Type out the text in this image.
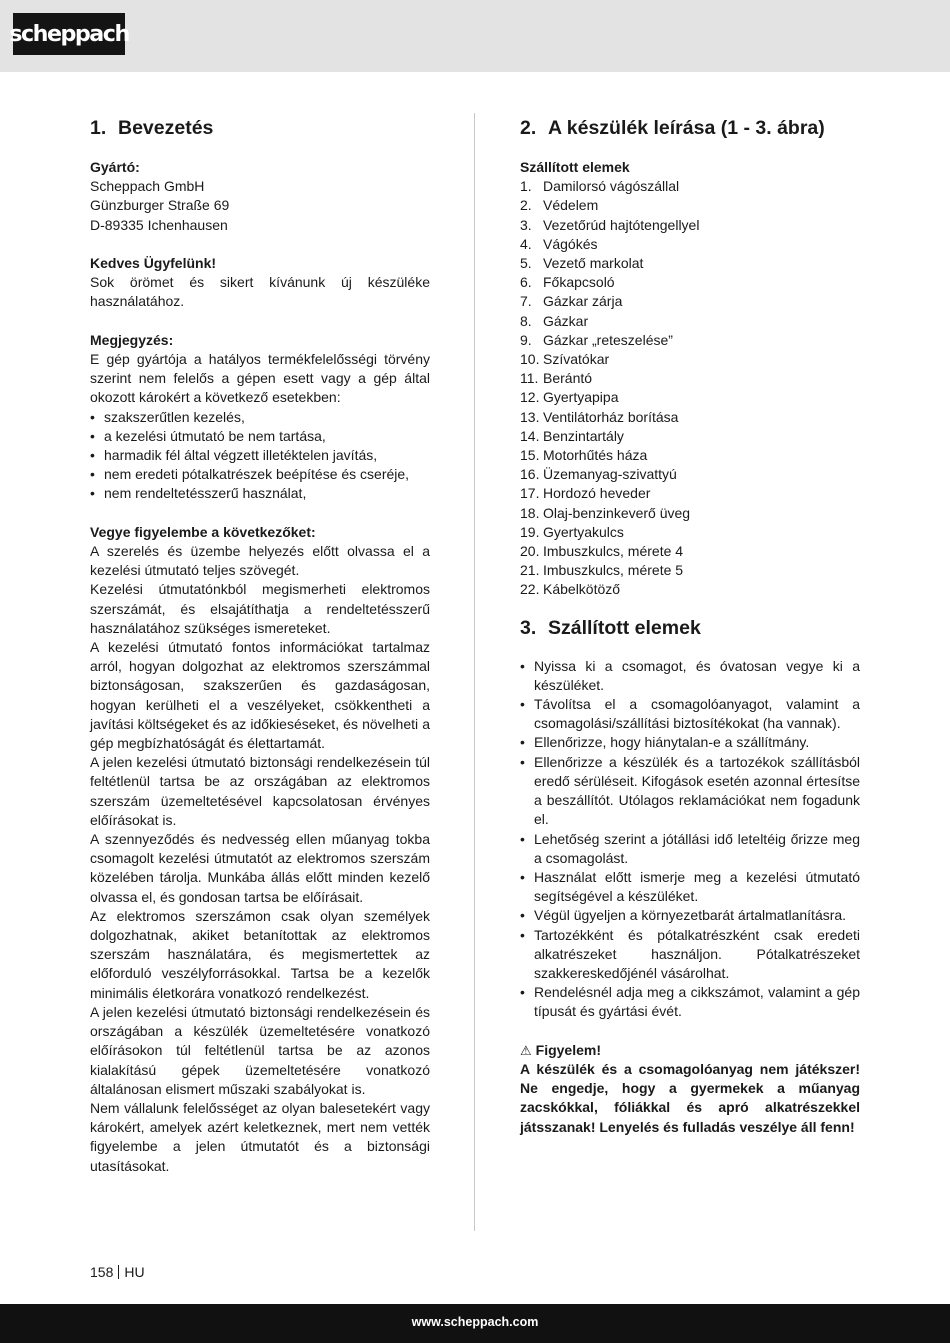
scheppach
1. Bevezetés
Gyártó:
Scheppach GmbH
Günzburger Straße 69
D-89335 Ichenhausen
Kedves Ügyfelünk!

Sok örömet és sikert kívánunk új készüléke használatához.

Megjegyzés:

E gép gyártója a hatályos termékfelelősségi törvény szerint nem felelős a gépen esett vagy a gép által okozott károkért a következő esetekben:

• szakszerűtlen kezelés,
• a kezelési útmutató be nem tartása,
• harmadik fél által végzett illetéktelen javítás,
• nem eredeti pótalkatrészek beépítése és cseréje,
• nem rendeltetésszerű használat,
Vegye figyelembe a következőket:

A szerelés és üzembe helyezés előtt olvassa el a kezelési útmutató teljes szövegét.

Kezelési útmutatónkból megismerheti elektromos szerszámát, és elsajátíthatja a rendeltetésszerű használatához szükséges ismereteket.

A kezelési útmutató fontos információkat tartalmaz arról, hogyan dolgozhat az elektromos szerszámmal biztonságosan, szakszerűen és gazdaságosan, hogyan kerülheti el a veszélyeket, csökkentheti a javítási költségeket és az időkieséseket, és növelheti a gép megbízhatóságát és élettartamát.

A jelen kezelési útmutató biztonsági rendelkezésein túl feltétlenül tartsa be az országában az elektromos szerszám üzemeltetésével kapcsolatosan érvényes előírásokat is.

A szennyeződés és nedvesség ellen műanyag tokba csomagolt kezelési útmutatót az elektromos szerszám közelében tárolja. Munkába állás előtt minden kezelő olvassa el, és gondosan tartsa be előírásait.

Az elektromos szerszámon csak olyan személyek dolgozhatnak, akiket betanítottak az elektromos szerszám használatára, és megismertettek az előforduló veszélyforrásokkal. Tartsa be a kezelők minimális életkorára vonatkozó rendelkezést.

A jelen kezelési útmutató biztonsági rendelkezésein és országában a készülék üzemeltetésére vonatkozó előírásokon túl feltétlenül tartsa be az azonos kialakítású gépek üzemeltetésére vonatkozó általánosan elismert műszaki szabályokat is.

Nem vállalunk felelősséget az olyan balesetekért vagy károkért, amelyek azért keletkeznek, mert nem vették figyelembe a jelen útmutatót és a biztonsági utasításokat.

2. A készülék leírása (1 - 3. ábra)
Szállított elemek
1. Damilorsó vágószállal
2. Védelem
3. Vezetőrúd hajtótengellyel
4. Vágókés
5. Vezető markolat
6. Főkapcsoló
7. Gázkar zárja
8. Gázkar
9. Gázkar „reteszelése”
10. Szívatókar
11. Berántó
12. Gyertyapipa
13. Ventilátorház borítása
14. Benzintartály
15. Motorhűtés háza
16. Üzemanyag-szivattyú
17. Hordozó heveder
18. Olaj-benzinkeverő üveg
19. Gyertyakulcs
20. Imbuszkulcs, mérete 4
21. Imbuszkulcs, mérete 5
22. Kábelkötöző
3. Szállított elemek
• Nyissa ki a csomagot, és óvatosan vegye ki a készüléket.
• Távolítsa el a csomagolóanyagot, valamint a csomagolási/szállítási biztosítékokat (ha vannak).
• Ellenőrizze, hogy hiánytalan-e a szállítmány.
• Ellenőrizze a készülék és a tartozékok szállításból eredő sérüléseit. Kifogások esetén azonnal értesítse a beszállítót. Utólagos reklamációkat nem fogadunk el.
• Lehetőség szerint a jótállási idő leteltéig őrizze meg a csomagolást.
• Használat előtt ismerje meg a kezelési útmutató segítségével a készüléket.
• Végül ügyeljen a környezetbarát ártalmatlanításra.
• Tartozékként és pótalkatrészként csak eredeti alkatrészeket használjon. Pótalkatrészeket szakkereskedőjénél vásárolhat.
• Rendelésnél adja meg a cikkszámot, valamint a gép típusát és gyártási évét.
⚠ Figyelem!

A készülék és a csomagolóanyag nem játékszer! Ne engedje, hogy a gyermekek a műanyag zacskókkal, fóliákkal és apró alkatrészekkel játsszanak! Lenyelés és fulladás veszélye áll fenn!

158 HU
www.scheppach.com
